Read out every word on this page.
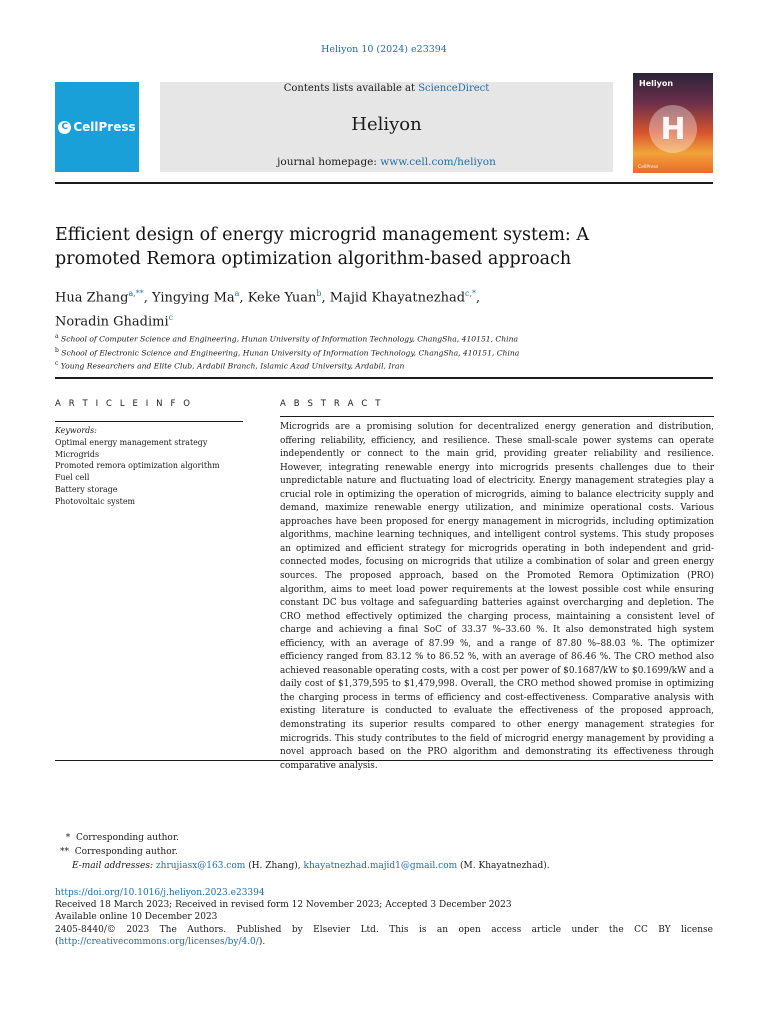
Heliyon 10 (2024) e23394
C CellPress
Contents lists available at ScienceDirect
Heliyon
journal homepage: www.cell.com/heliyon
Heliyon
H
CellPress
Efficient design of energy microgrid management system: A
promoted Remora optimization algorithm-based approach
Hua Zhang$^{a,**}$, Yingying Ma$^a$, Keke Yuan$^b$, Majid Khayatnezhad$^{c,*}$,
Noradin Ghadimi$^c$
$^a$ School of Computer Science and Engineering, Hunan University of Information Technology, ChangSha, 410151, China
$^b$ School of Electronic Science and Engineering, Hunan University of Information Technology, ChangSha, 410151, China
$^c$ Young Researchers and Elite Club, Ardabil Branch, Islamic Azad University, Ardabil, Iran
A R T I C L E I N F O
Keywords:
Optimal energy management strategy
Microgrids
Promoted remora optimization algorithm
Fuel cell
Battery storage
Photovoltaic system
A B S T R A C T
Microgrids are a promising solution for decentralized energy generation and distribution, offering reliability, efficiency, and resilience. These small-scale power systems can operate independently or connect to the main grid, providing greater reliability and resilience. However, integrating renewable energy into microgrids presents challenges due to their unpredictable nature and fluctuating load of electricity. Energy management strategies play a crucial role in optimizing the operation of microgrids, aiming to balance electricity supply and demand, maximize renewable energy utilization, and minimize operational costs. Various approaches have been proposed for energy management in microgrids, including optimization algorithms, machine learning techniques, and intelligent control systems. This study proposes an optimized and efficient strategy for microgrids operating in both independent and grid-connected modes, focusing on microgrids that utilize a combination of solar and green energy sources. The proposed approach, based on the Promoted Remora Optimization (PRO) algorithm, aims to meet load power requirements at the lowest possible cost while ensuring constant DC bus voltage and safeguarding batteries against overcharging and depletion. The CRO method effectively optimized the charging process, maintaining a consistent level of charge and achieving a final SoC of 33.37 %–33.60 %. It also demonstrated high system efficiency, with an average of 87.99 %, and a range of 87.80 %–88.03 %. The optimizer efficiency ranged from 83.12 % to 86.52 %, with an average of 86.46 %. The CRO method also achieved reasonable operating costs, with a cost per power of $0.1687/kW to $0.1699/kW and a daily cost of $1,379,595 to $1,479,998. Overall, the CRO method showed promise in optimizing the charging process in terms of efficiency and cost-effectiveness. Comparative analysis with existing literature is conducted to evaluate the effectiveness of the proposed approach, demonstrating its superior results compared to other energy management strategies for microgrids. This study contributes to the field of microgrid energy management by providing a novel approach based on the PRO algorithm and demonstrating its effectiveness through comparative analysis.
*  Corresponding author.
**  Corresponding author.
E-mail addresses: zhrujiasx@163.com (H. Zhang), khayatnezhad.majid1@gmail.com (M. Khayatnezhad).
https://doi.org/10.1016/j.heliyon.2023.e23394
Received 18 March 2023; Received in revised form 12 November 2023; Accepted 3 December 2023
Available online 10 December 2023
2405-8440/© 2023 The Authors. Published by Elsevier Ltd. This is an open access article under the CC BY license
(http://creativecommons.org/licenses/by/4.0/).
